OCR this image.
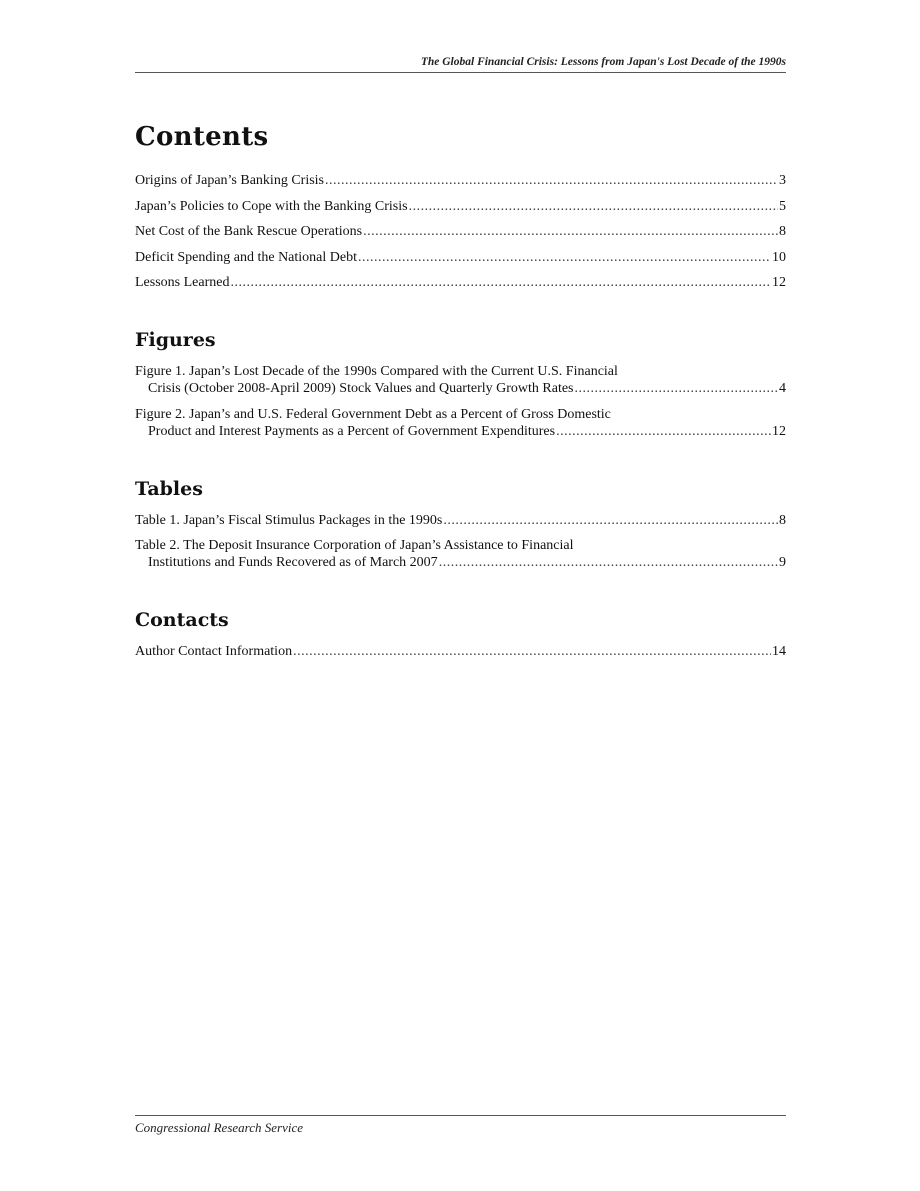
The Global Financial Crisis: Lessons from Japan's Lost Decade of the 1990s
Contents
Origins of Japan’s Banking Crisis .....	3
Japan’s Policies to Cope with the Banking Crisis .....	5
Net Cost of the Bank Rescue Operations .....	8
Deficit Spending and the National Debt .....	10
Lessons Learned .....	12
Figures
Figure 1. Japan’s Lost Decade of the 1990s Compared with the Current U.S. Financial
Crisis (October 2008-April 2009) Stock Values and Quarterly Growth Rates .....	4
Figure 2. Japan’s and U.S. Federal Government Debt as a Percent of Gross Domestic
Product and Interest Payments as a Percent of Government Expenditures .....	12
Tables
Table 1. Japan’s Fiscal Stimulus Packages in the 1990s .....	8
Table 2. The Deposit Insurance Corporation of Japan’s Assistance to Financial
Institutions and Funds Recovered as of March 2007 .....	9
Contacts
Author Contact Information .....	14
Congressional Research Service
